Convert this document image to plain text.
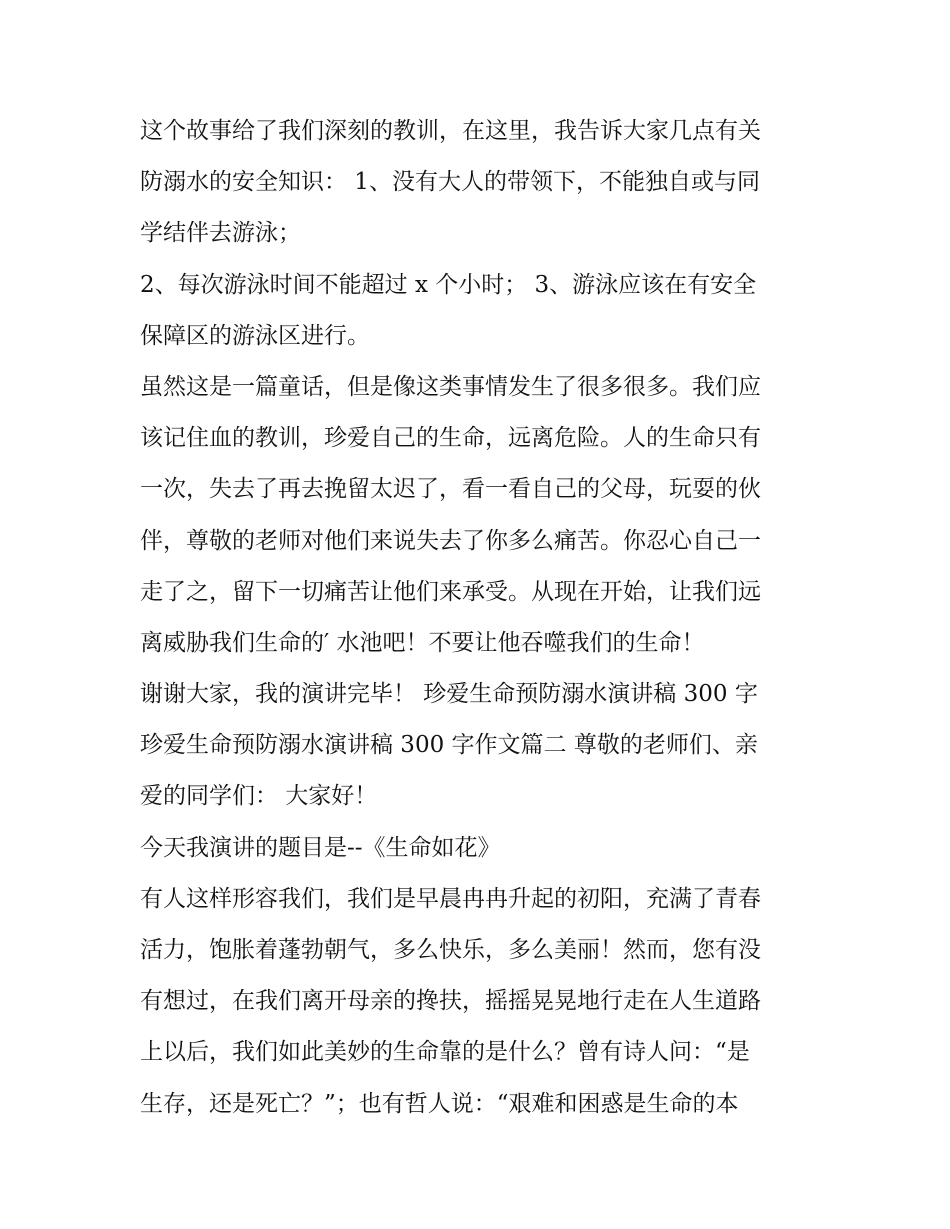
这个故事给了我们深刻的教训，在这里，我告诉大家几点有关
防溺水的安全知识： 1、没有大人的带领下，不能独自或与同
学结伴去游泳；
2、每次游泳时间不能超过 x 个小时； 3、游泳应该在有安全
保障区的游泳区进行。
虽然这是一篇童话，但是像这类事情发生了很多很多。我们应
该记住血的教训，珍爱自己的生命，远离危险。人的生命只有
一次，失去了再去挽留太迟了，看一看自己的父母，玩耍的伙
伴，尊敬的老师对他们来说失去了你多么痛苦。你忍心自己一
走了之，留下一切痛苦让他们来承受。从现在开始，让我们远
离威胁我们生命的′ 水池吧！不要让他吞噬我们的生命！
谢谢大家，我的演讲完毕！ 珍爱生命预防溺水演讲稿 300 字
珍爱生命预防溺水演讲稿 300 字作文篇二 尊敬的老师们、亲
爱的同学们： 大家好！
今天我演讲的题目是--《生命如花》
有人这样形容我们，我们是早晨冉冉升起的初阳，充满了青春
活力，饱胀着蓬勃朝气，多么快乐，多么美丽！然而，您有没
有想过，在我们离开母亲的搀扶，摇摇晃晃地行走在人生道路
上以后，我们如此美妙的生命靠的是什么？曾有诗人问：“是
生存，还是死亡？”；也有哲人说：“艰难和困惑是生命的本
